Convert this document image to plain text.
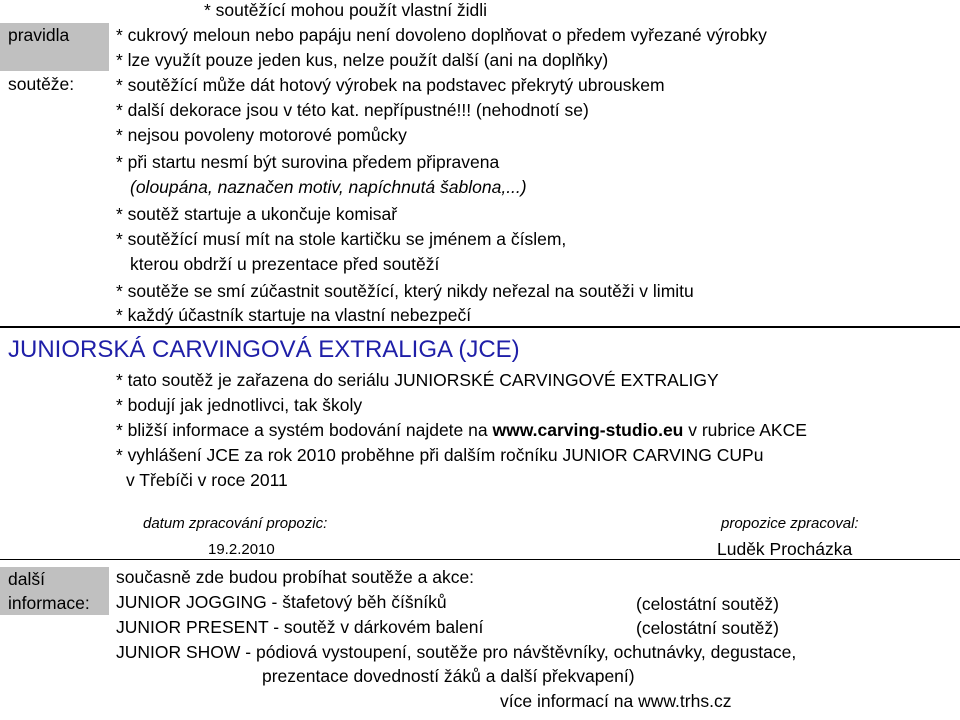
pravidla
soutěže:
* soutěžící mohou použít vlastní židli
* cukrový meloun nebo papáju není dovoleno doplňovat o předem vyřezané výrobky
* lze využít pouze jeden kus, nelze použít další (ani na doplňky)
* soutěžící může dát hotový výrobek na podstavec překrytý ubrouskem
* další dekorace jsou v této kat. nepřípustné!!! (nehodnotí se)
* nejsou povoleny motorové pomůcky
* při startu nesmí být surovina předem připravena
(oloupána, naznačen motiv, napíchnutá šablona,...)
* soutěž startuje a ukončuje komisař
* soutěžící musí mít na stole kartičku se jménem a číslem,
kterou obdrží u prezentace před soutěží
* soutěže se smí zúčastnit soutěžící, který nikdy neřezal na soutěži v limitu
* každý účastník startuje na vlastní nebezpečí
JUNIORSKÁ CARVINGOVÁ EXTRALIGA (JCE)
* tato soutěž je zařazena do seriálu JUNIORSKÉ CARVINGOVÉ EXTRALIGY
* bodují jak jednotlivci, tak školy
* bližší informace a systém bodování najdete na www.carving-studio.eu v rubrice AKCE
* vyhlášení JCE za rok 2010 proběhne při dalším ročníku JUNIOR CARVING CUPu
v Třebíči v roce 2011
datum zpracování propozic:
19.2.2010
propozice zpracoval:
Luděk Procházka
další
informace:
současně zde budou probíhat soutěže a akce:
JUNIOR JOGGING - štafetový běh číšníků	(celostátní soutěž)
JUNIOR PRESENT - soutěž v dárkovém balení	(celostátní soutěž)
JUNIOR SHOW - pódiová vystoupení, soutěže pro návštěvníky, ochutnávky, degustace,
prezentace dovedností žáků a další překvapení)
více informací na www.trhs.cz
